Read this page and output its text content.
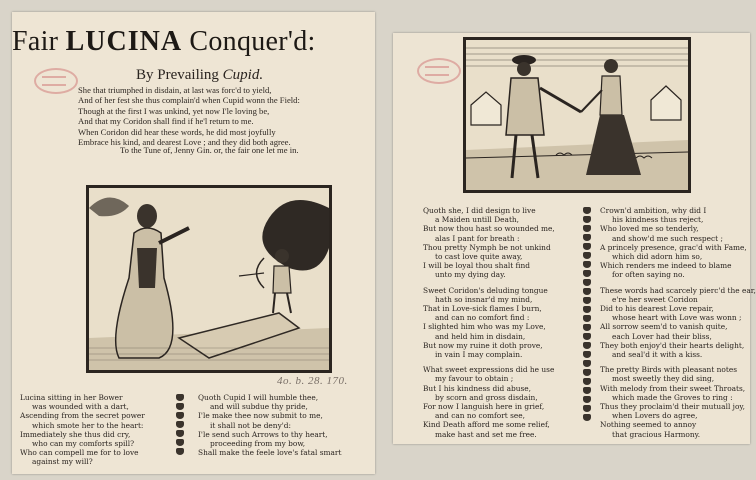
Fair LUCINA Conquer'd:
By Prevailing Cupid.
She that triumphed in disdain, at last was forc'd to yield,
And of her fest she thus complain'd when Cupid wonn the Field:
Though at the first I was unkind, yet now I'le loving be,
And that my Coridon shall find if he'l return to me.
When Coridon did hear these words, he did most joyfully
Embrace his kind, and dearest Love ; and they did both agree.
To the Tune of, Jenny Gin. or, the fair one let me in.
4o. b. 28. 170.
Lucina sitting in her Bower
was wounded with a dart,
Ascending from the secret power
which smote her to the heart:
Immediately she thus did cry,
who can my comforts spill?
Who can compell me for to love
against my will?
Quoth Cupid I will humble thee,
and will subdue thy pride,
I'le make thee now submit to me,
it shall not be deny'd:
I'le send such Arrows to thy heart,
proceeding from my bow,
Shall make the feele love's fatal smart
Quoth she, I did design to live
a Maiden untill Death,
But now thou hast so wounded me,
alas I pant for breath :
Thou pretty Nymph be not unkind
to cast love quite away,
I will be loyal thou shalt find
unto my dying day.
Sweet Coridon's deluding tongue
hath so insnar'd my mind,
That in Love-sick flames I burn,
and can no comfort find :
I slighted him who was my Love,
and held him in disdain,
But now my ruine it doth prove,
in vain I may complain.
What sweet expressions did he use
my favour to obtain ;
But I his kindness did abuse,
by scorn and gross disdain,
For now I languish here in grief,
and can no comfort see,
Kind Death afford me some relief,
make hast and set me free.
Crown'd ambition, why did I
his kindness thus reject,
Who loved me so tenderly,
and show'd me such respect ;
A princely presence, grac'd with Fame,
which did adorn him so,
Which renders me indeed to blame
for often saying no.
These words had scarcely pierc'd the ear,
e're her sweet Coridon
Did to his dearest Love repair,
whose heart with Love was wonn ;
All sorrow seem'd to vanish quite,
each Lover had their bliss,
They both enjoy'd their hearts delight,
and seal'd it with a kiss.
The pretty Birds with pleasant notes
most sweetly they did sing,
With melody from their sweet Throats,
which made the Groves to ring :
Thus they proclaim'd their mutuall joy,
when Lovers do agree,
Nothing seemed to annoy
that gracious Harmony.
